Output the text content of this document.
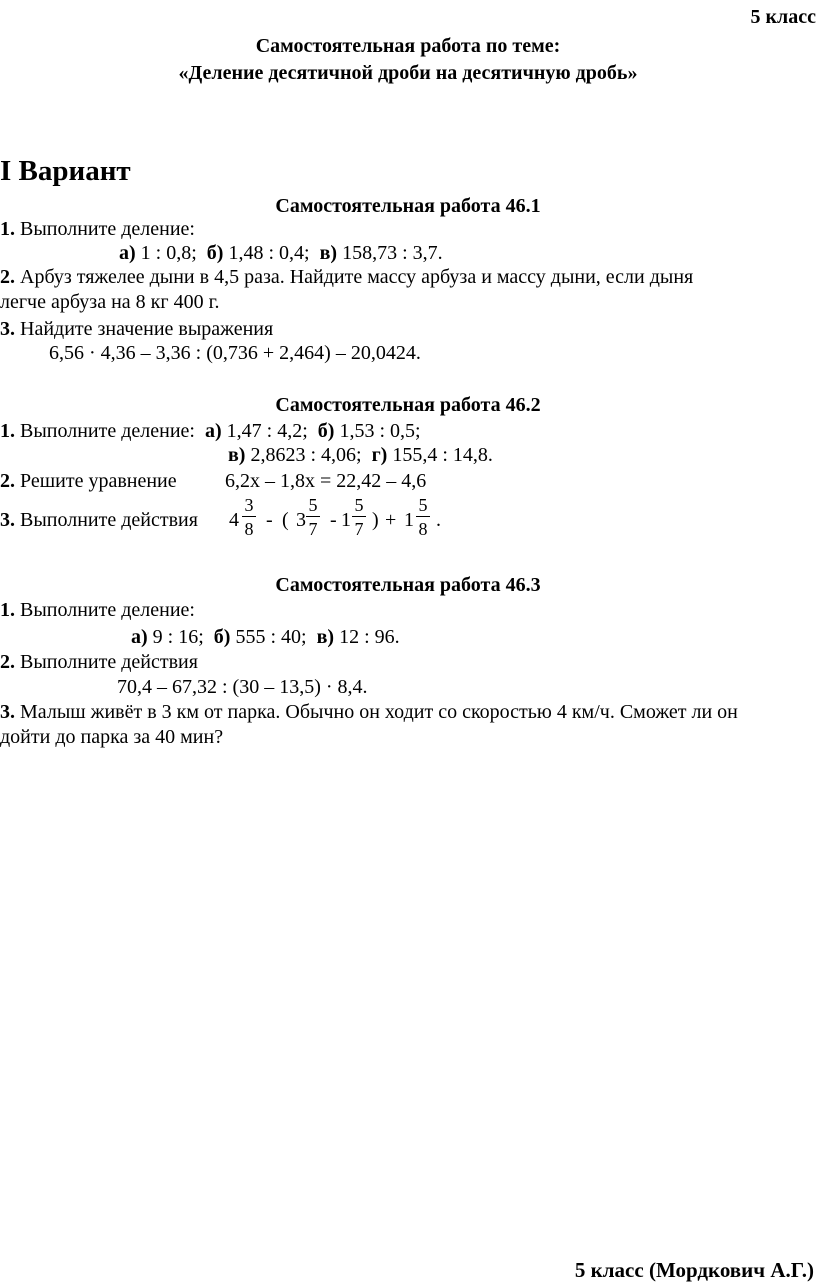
5 класс
Самостоятельная работа по теме:
«Деление десятичной дроби на десятичную дробь»
I Вариант
Самостоятельная работа 46.1
1. Выполните деление:
а) 1 : 0,8; б) 1,48 : 0,4; в) 158,73 : 3,7.
2. Арбуз тяжелее дыни в 4,5 раза. Найдите массу арбуза и массу дыни, если дыня
легче арбуза на 8 кг 400 г.
3. Найдите значение выражения
6,56 · 4,36 – 3,36 : (0,736 + 2,464) – 20,0424.
Самостоятельная работа 46.2
1. Выполните деление: а) 1,47 : 4,2; б) 1,53 : 0,5;
в) 2,8623 : 4,06; г) 155,4 : 14,8.
2. Решите уравнение 6,2x – 1,8x = 22,42 – 4,6
3. Выполните действия 4
3
8 - ( 3
5
7 - 1
5
7 ) + 1
5
8 .
Самостоятельная работа 46.3
1. Выполните деление:
а) 9 : 16; б) 555 : 40; в) 12 : 96.
2. Выполните действия
70,4 – 67,32 : (30 – 13,5) · 8,4.
3. Малыш живёт в 3 км от парка. Обычно он ходит со скоростью 4 км/ч. Сможет ли он
дойти до парка за 40 мин?
5 класс (Мордкович А.Г.)
